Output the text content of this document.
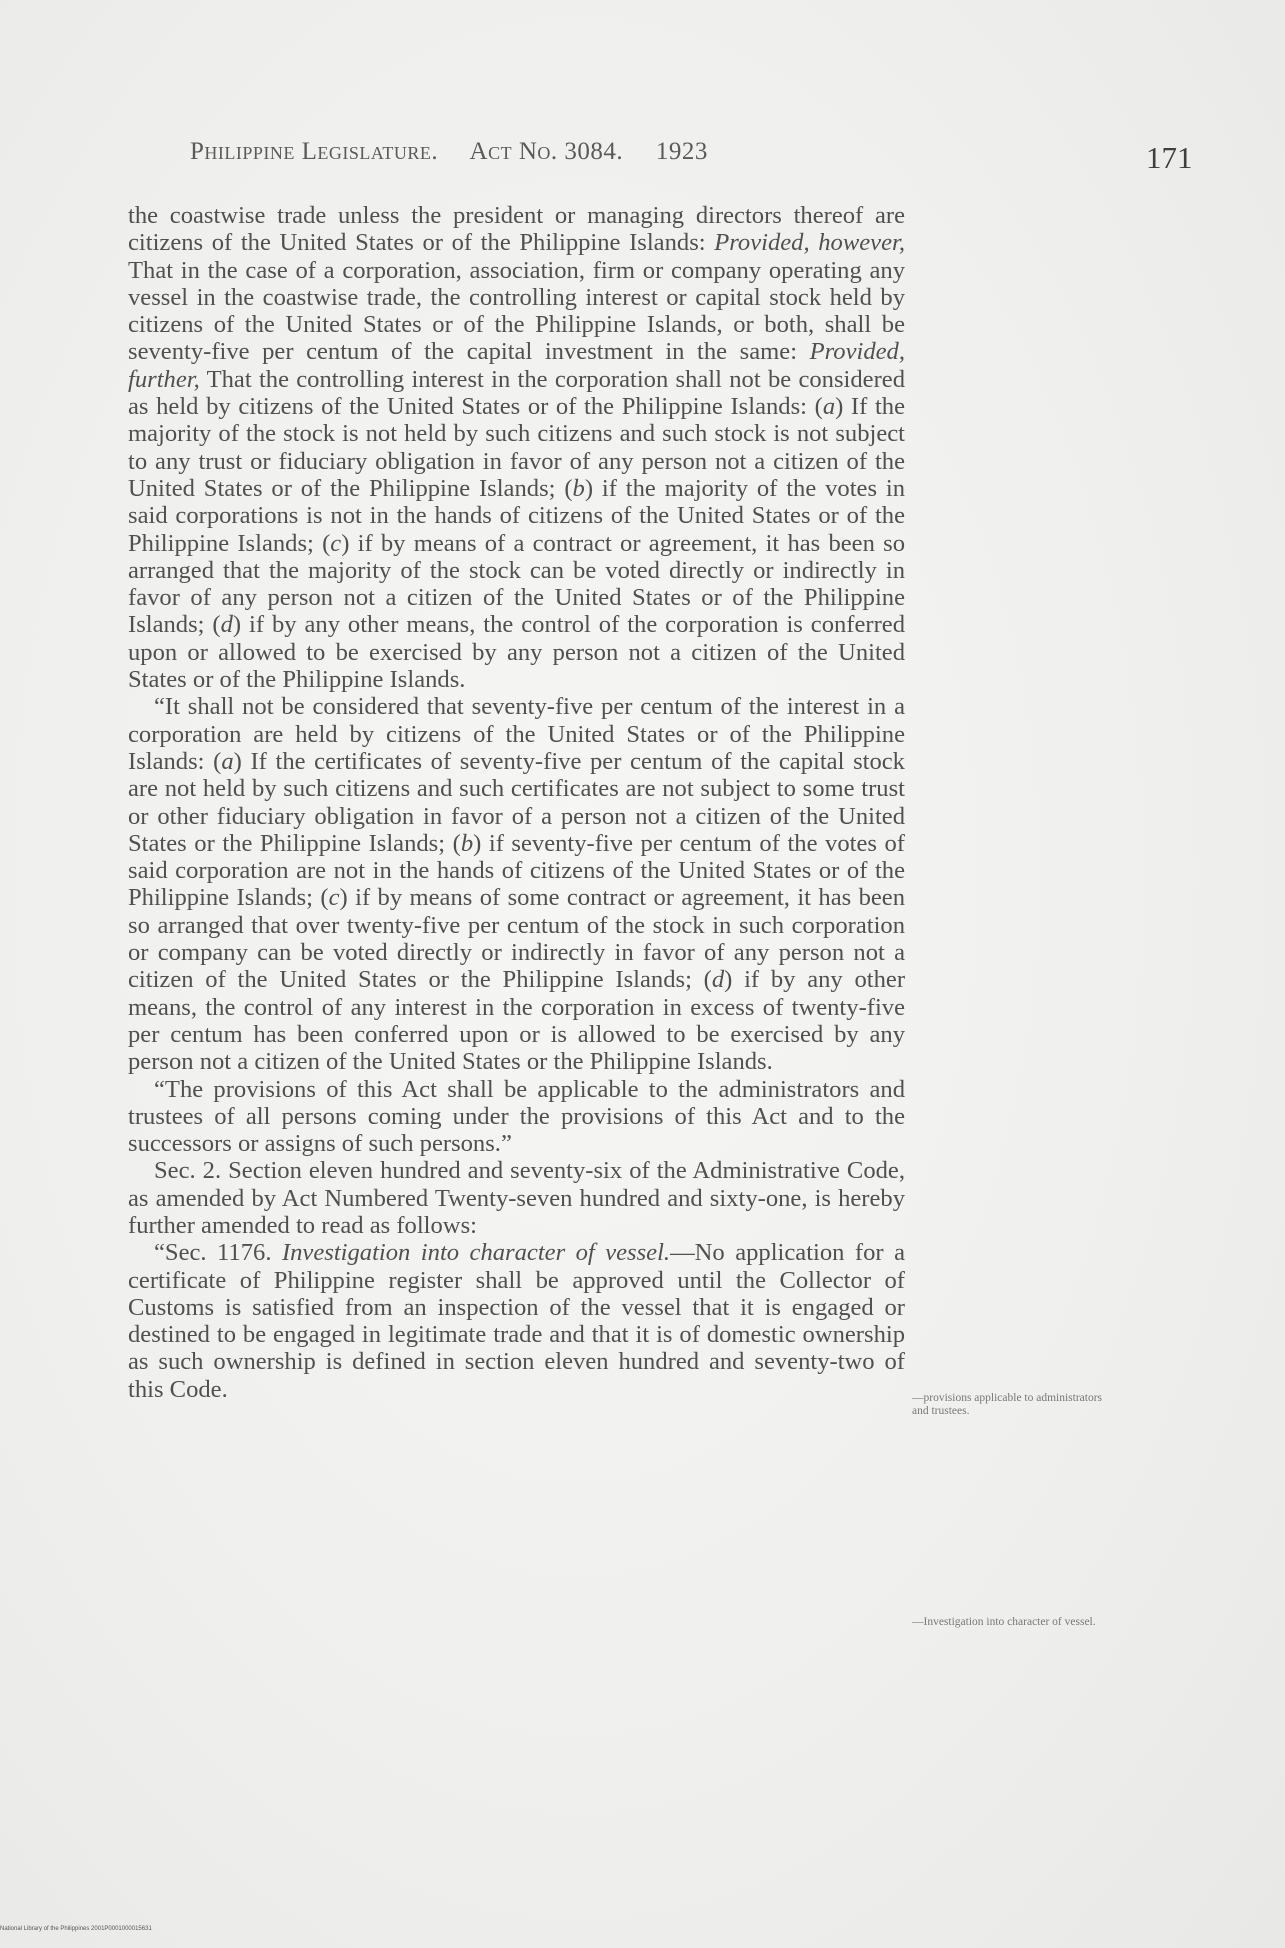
Philippine Legislature. Act No. 3084. 1923	171

the coastwise trade unless the president or managing directors thereof are citizens of the United States or of the Philippine Islands: Provided, however, That in the case of a corporation, association, firm or company operating any vessel in the coastwise trade, the controlling interest or capital stock held by citizens of the United States or of the Philippine Islands, or both, shall be seventy-five per centum of the capital investment in the same: Provided, further, That the controlling interest in the corporation shall not be considered as held by citizens of the United States or of the Philippine Islands: (a) If the majority of the stock is not held by such citizens and such stock is not subject to any trust or fiduciary obligation in favor of any person not a citizen of the United States or of the Philippine Islands; (b) if the majority of the votes in said corporations is not in the hands of citizens of the United States or of the Philippine Islands; (c) if by means of a contract or agreement, it has been so arranged that the majority of the stock can be voted directly or indirectly in favor of any person not a citizen of the United States or of the Philippine Islands; (d) if by any other means, the control of the corporation is conferred upon or allowed to be exercised by any person not a citizen of the United States or of the Philippine Islands.

“It shall not be considered that seventy-five per centum of the interest in a corporation are held by citizens of the United States or of the Philippine Islands: (a) If the certificates of seventy-five per centum of the capital stock are not held by such citizens and such certificates are not subject to some trust or other fiduciary obligation in favor of a person not a citizen of the United States or the Philippine Islands; (b) if seventy-five per centum of the votes of said corporation are not in the hands of citizens of the United States or of the Philippine Islands; (c) if by means of some contract or agreement, it has been so arranged that over twenty-five per centum of the stock in such corporation or company can be voted directly or indirectly in favor of any person not a citizen of the United States or the Philippine Islands; (d) if by any other means, the control of any interest in the corporation in excess of twenty-five per centum has been conferred upon or is allowed to be exercised by any person not a citizen of the United States or the Philippine Islands.

“The provisions of this Act shall be applicable to the administrators and trustees of all persons coming under the provisions of this Act and to the successors or assigns of such persons.”

Sec. 2. Section eleven hundred and seventy-six of the Administrative Code, as amended by Act Numbered Twenty-seven hundred and sixty-one, is hereby further amended to read as follows:

“Sec. 1176. Investigation into character of vessel.—No application for a certificate of Philippine register shall be approved until the Collector of Customs is satisfied from an inspection of the vessel that it is engaged or destined to be engaged in legitimate trade and that it is of domestic ownership as such ownership is defined in section eleven hundred and seventy-two of this Code.	—provisions applicable to administrators and trustees.
—Investigation into character of vessel.
National Library of the Philippines 2001P0001000015631
